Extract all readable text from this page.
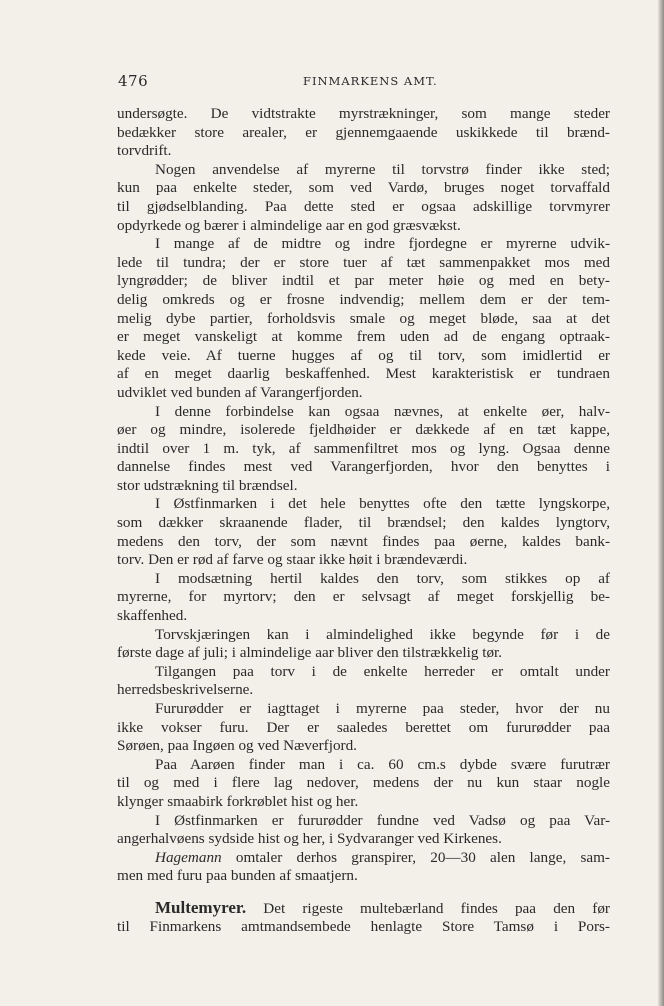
476	FINMARKENS AMT.
undersøgte. De vidtstrakte myrstrækninger, som mange steder
bedækker store arealer, er gjennemgaaende uskikkede til brænd-
torvdrift.
Nogen anvendelse af myrerne til torvstrø finder ikke sted;
kun paa enkelte steder, som ved Vardø, bruges noget torvaffald
til gjødselblanding. Paa dette sted er ogsaa adskillige torvmyrer
opdyrkede og bærer i almindelige aar en god græsvækst.
I mange af de midtre og indre fjordegne er myrerne udvik-
lede til tundra; der er store tuer af tæt sammenpakket mos med
lyngrødder; de bliver indtil et par meter høie og med en bety-
delig omkreds og er frosne indvendig; mellem dem er der tem-
melig dybe partier, forholdsvis smale og meget bløde, saa at det
er meget vanskeligt at komme frem uden ad de engang optraak-
kede veie. Af tuerne hugges af og til torv, som imidlertid er
af en meget daarlig beskaffenhed. Mest karakteristisk er tundraen
udviklet ved bunden af Varangerfjorden.
I denne forbindelse kan ogsaa nævnes, at enkelte øer, halv-
øer og mindre, isolerede fjeldhøider er dækkede af en tæt kappe,
indtil over 1 m. tyk, af sammenfiltret mos og lyng. Ogsaa denne
dannelse findes mest ved Varangerfjorden, hvor den benyttes i
stor udstrækning til brændsel.
I Østfinmarken i det hele benyttes ofte den tætte lyngskorpe,
som dækker skraanende flader, til brændsel; den kaldes lyngtorv,
medens den torv, der som nævnt findes paa øerne, kaldes bank-
torv. Den er rød af farve og staar ikke høit i brændeværdi.
I modsætning hertil kaldes den torv, som stikkes op af
myrerne, for myrtorv; den er selvsagt af meget forskjellig be-
skaffenhed.
Torvskjæringen kan i almindelighed ikke begynde før i de
første dage af juli; i almindelige aar bliver den tilstrækkelig tør.
Tilgangen paa torv i de enkelte herreder er omtalt under
herredsbeskrivelserne.
Fururødder er iagttaget i myrerne paa steder, hvor der nu
ikke vokser furu. Der er saaledes berettet om fururødder paa
Sørøen, paa Ingøen og ved Næverfjord.
Paa Aarøen finder man i ca. 60 cm.s dybde svære furutrær
til og med i flere lag nedover, medens der nu kun staar nogle
klynger smaabirk forkrøblet hist og her.
I Østfinmarken er fururødder fundne ved Vadsø og paa Var-
angerhalvøens sydside hist og her, i Sydvaranger ved Kirkenes.
Hagemann omtaler derhos granspirer, 20—30 alen lange, sam-
men med furu paa bunden af smaatjern.
Multemyrer. Det rigeste multebærland findes paa den før
til Finmarkens amtmandsembede henlagte Store Tamsø i Pors-
